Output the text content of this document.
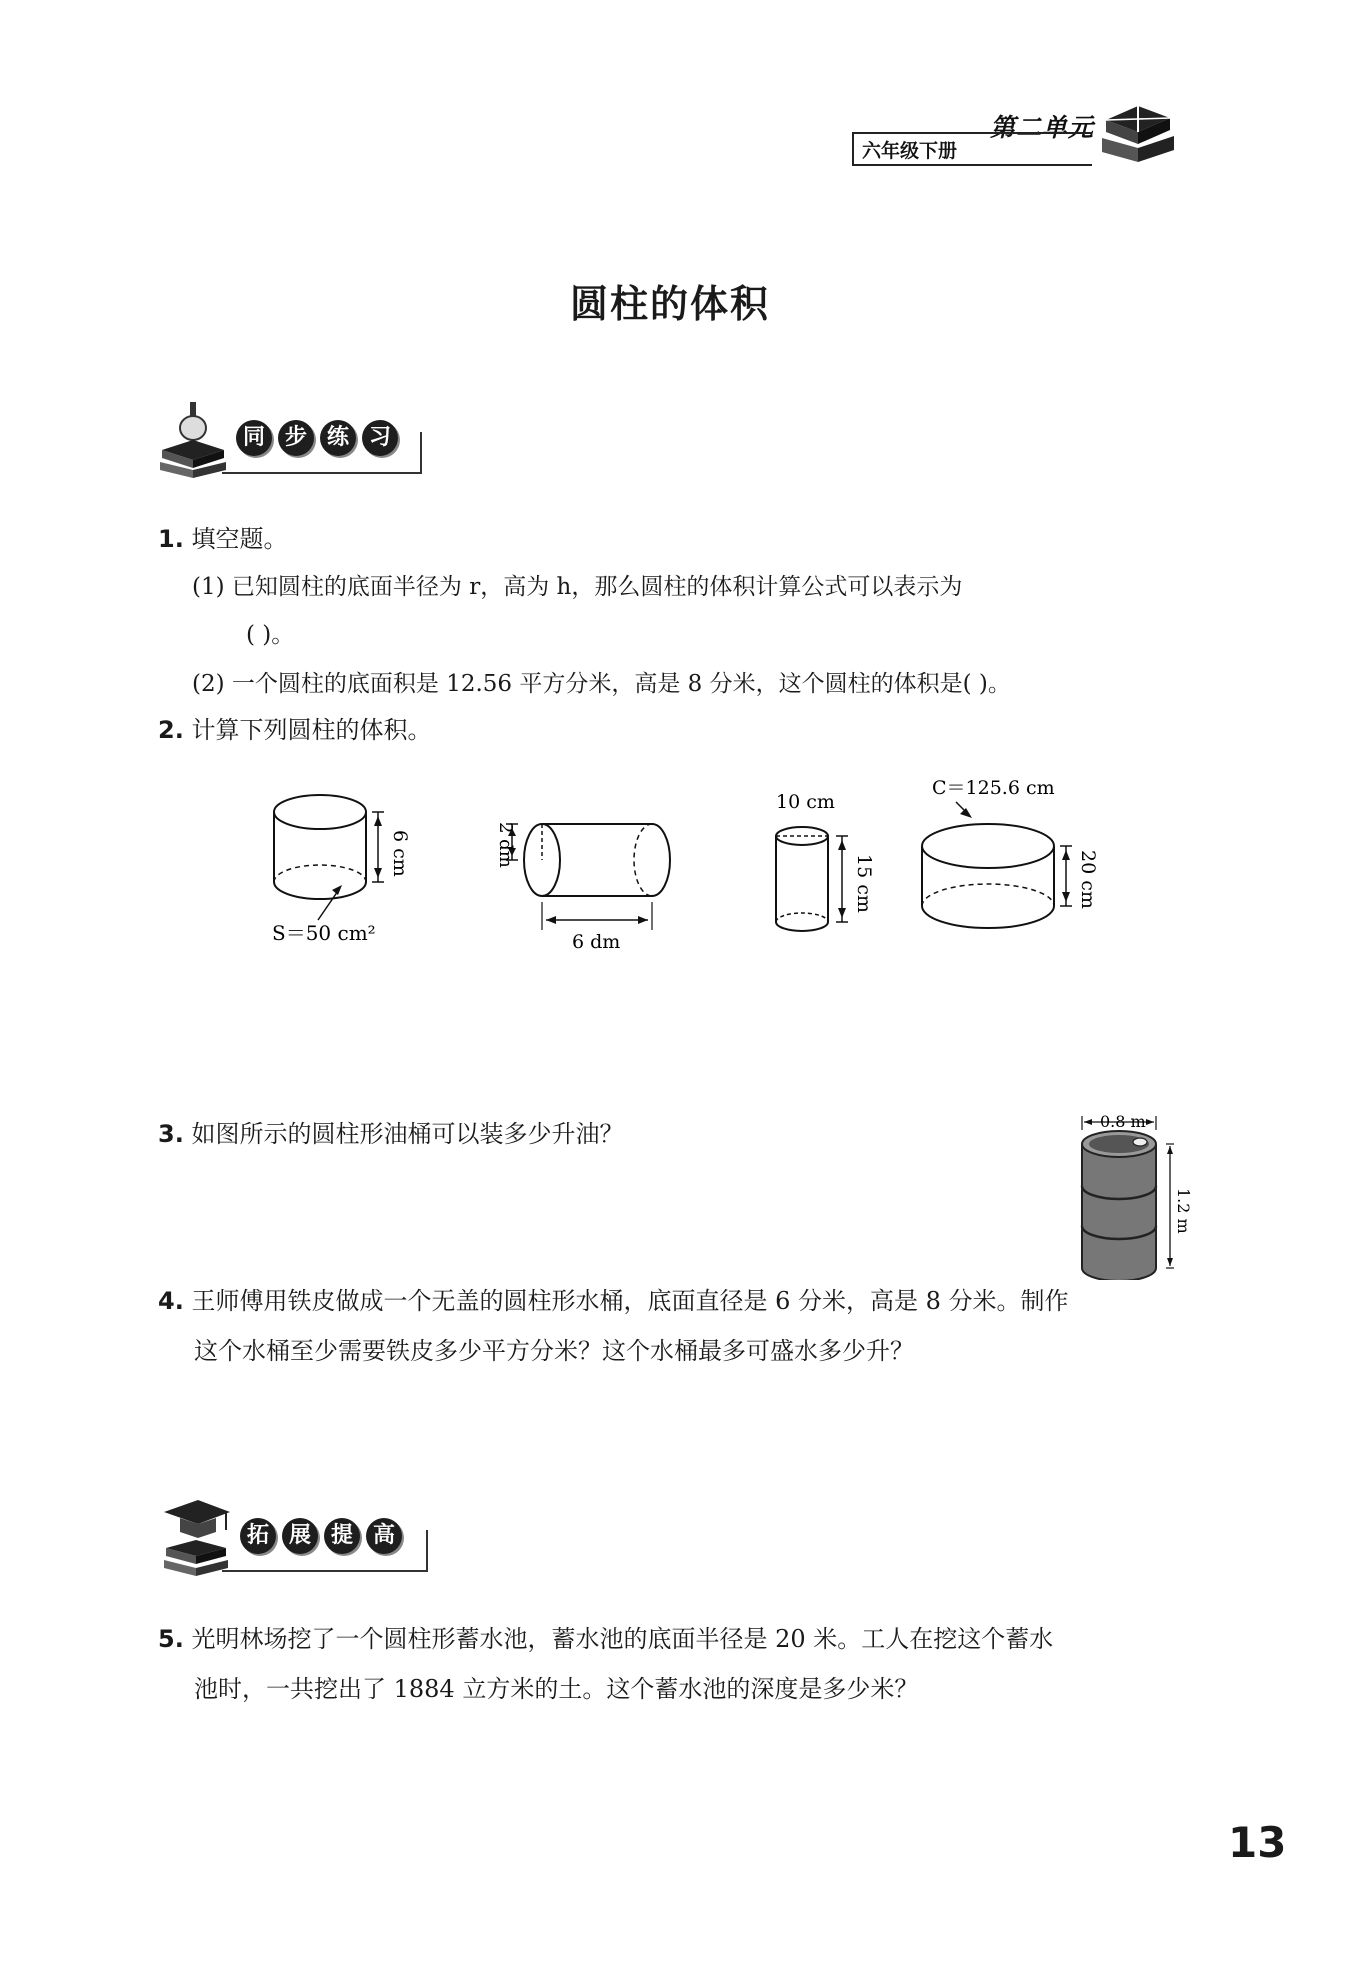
第二单元
六年级下册
圆柱的体积
同 步 练 习
1. 填空题。
(1) 已知圆柱的底面半径为 r，高为 h，那么圆柱的体积计算公式可以表示为
( )。
(2) 一个圆柱的底面积是 12.56 平方分米，高是 8 分米，这个圆柱的体积是( )。
2. 计算下列圆柱的体积。
6 cm
S＝50 cm²
2 dm
6 dm
10 cm
15 cm
C＝125.6 cm
20 cm
3. 如图所示的圆柱形油桶可以装多少升油？	0.8 m
1.2 m
4. 王师傅用铁皮做成一个无盖的圆柱形水桶，底面直径是 6 分米，高是 8 分米。制作
这个水桶至少需要铁皮多少平方分米？这个水桶最多可盛水多少升？
拓 展 提 高
5. 光明林场挖了一个圆柱形蓄水池，蓄水池的底面半径是 20 米。工人在挖这个蓄水
池时，一共挖出了 1884 立方米的土。这个蓄水池的深度是多少米？
13
